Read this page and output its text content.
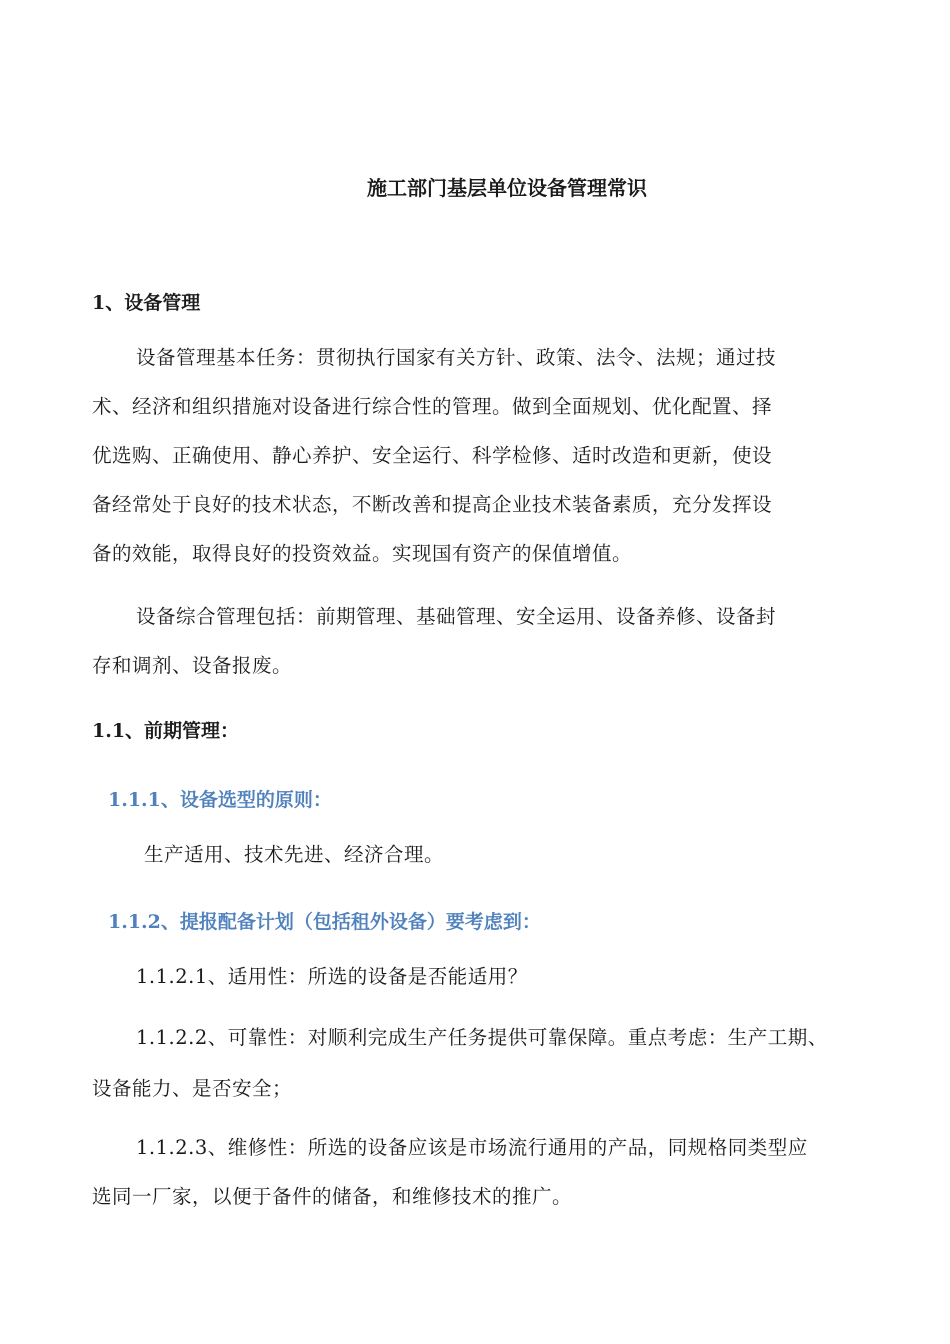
施工部门基层单位设备管理常识
1、设备管理
设备管理基本任务：贯彻执行国家有关方针、政策、法令、法规；通过技
术、经济和组织措施对设备进行综合性的管理。做到全面规划、优化配置、择
优选购、正确使用、静心养护、安全运行、科学检修、适时改造和更新，使设
备经常处于良好的技术状态，不断改善和提高企业技术装备素质，充分发挥设
备的效能，取得良好的投资效益。实现国有资产的保值增值。
设备综合管理包括：前期管理、基础管理、安全运用、设备养修、设备封
存和调剂、设备报废。
1.1、前期管理：
1.1.1、设备选型的原则：
生产适用、技术先进、经济合理。
1.1.2、提报配备计划（包括租外设备）要考虑到：
1.1.2.1、适用性：所选的设备是否能适用？
1.1.2.2、可靠性：对顺利完成生产任务提供可靠保障。重点考虑：生产工期、
设备能力、是否安全；
1.1.2.3、维修性：所选的设备应该是市场流行通用的产品，同规格同类型应
选同一厂家，以便于备件的储备，和维修技术的推广。
